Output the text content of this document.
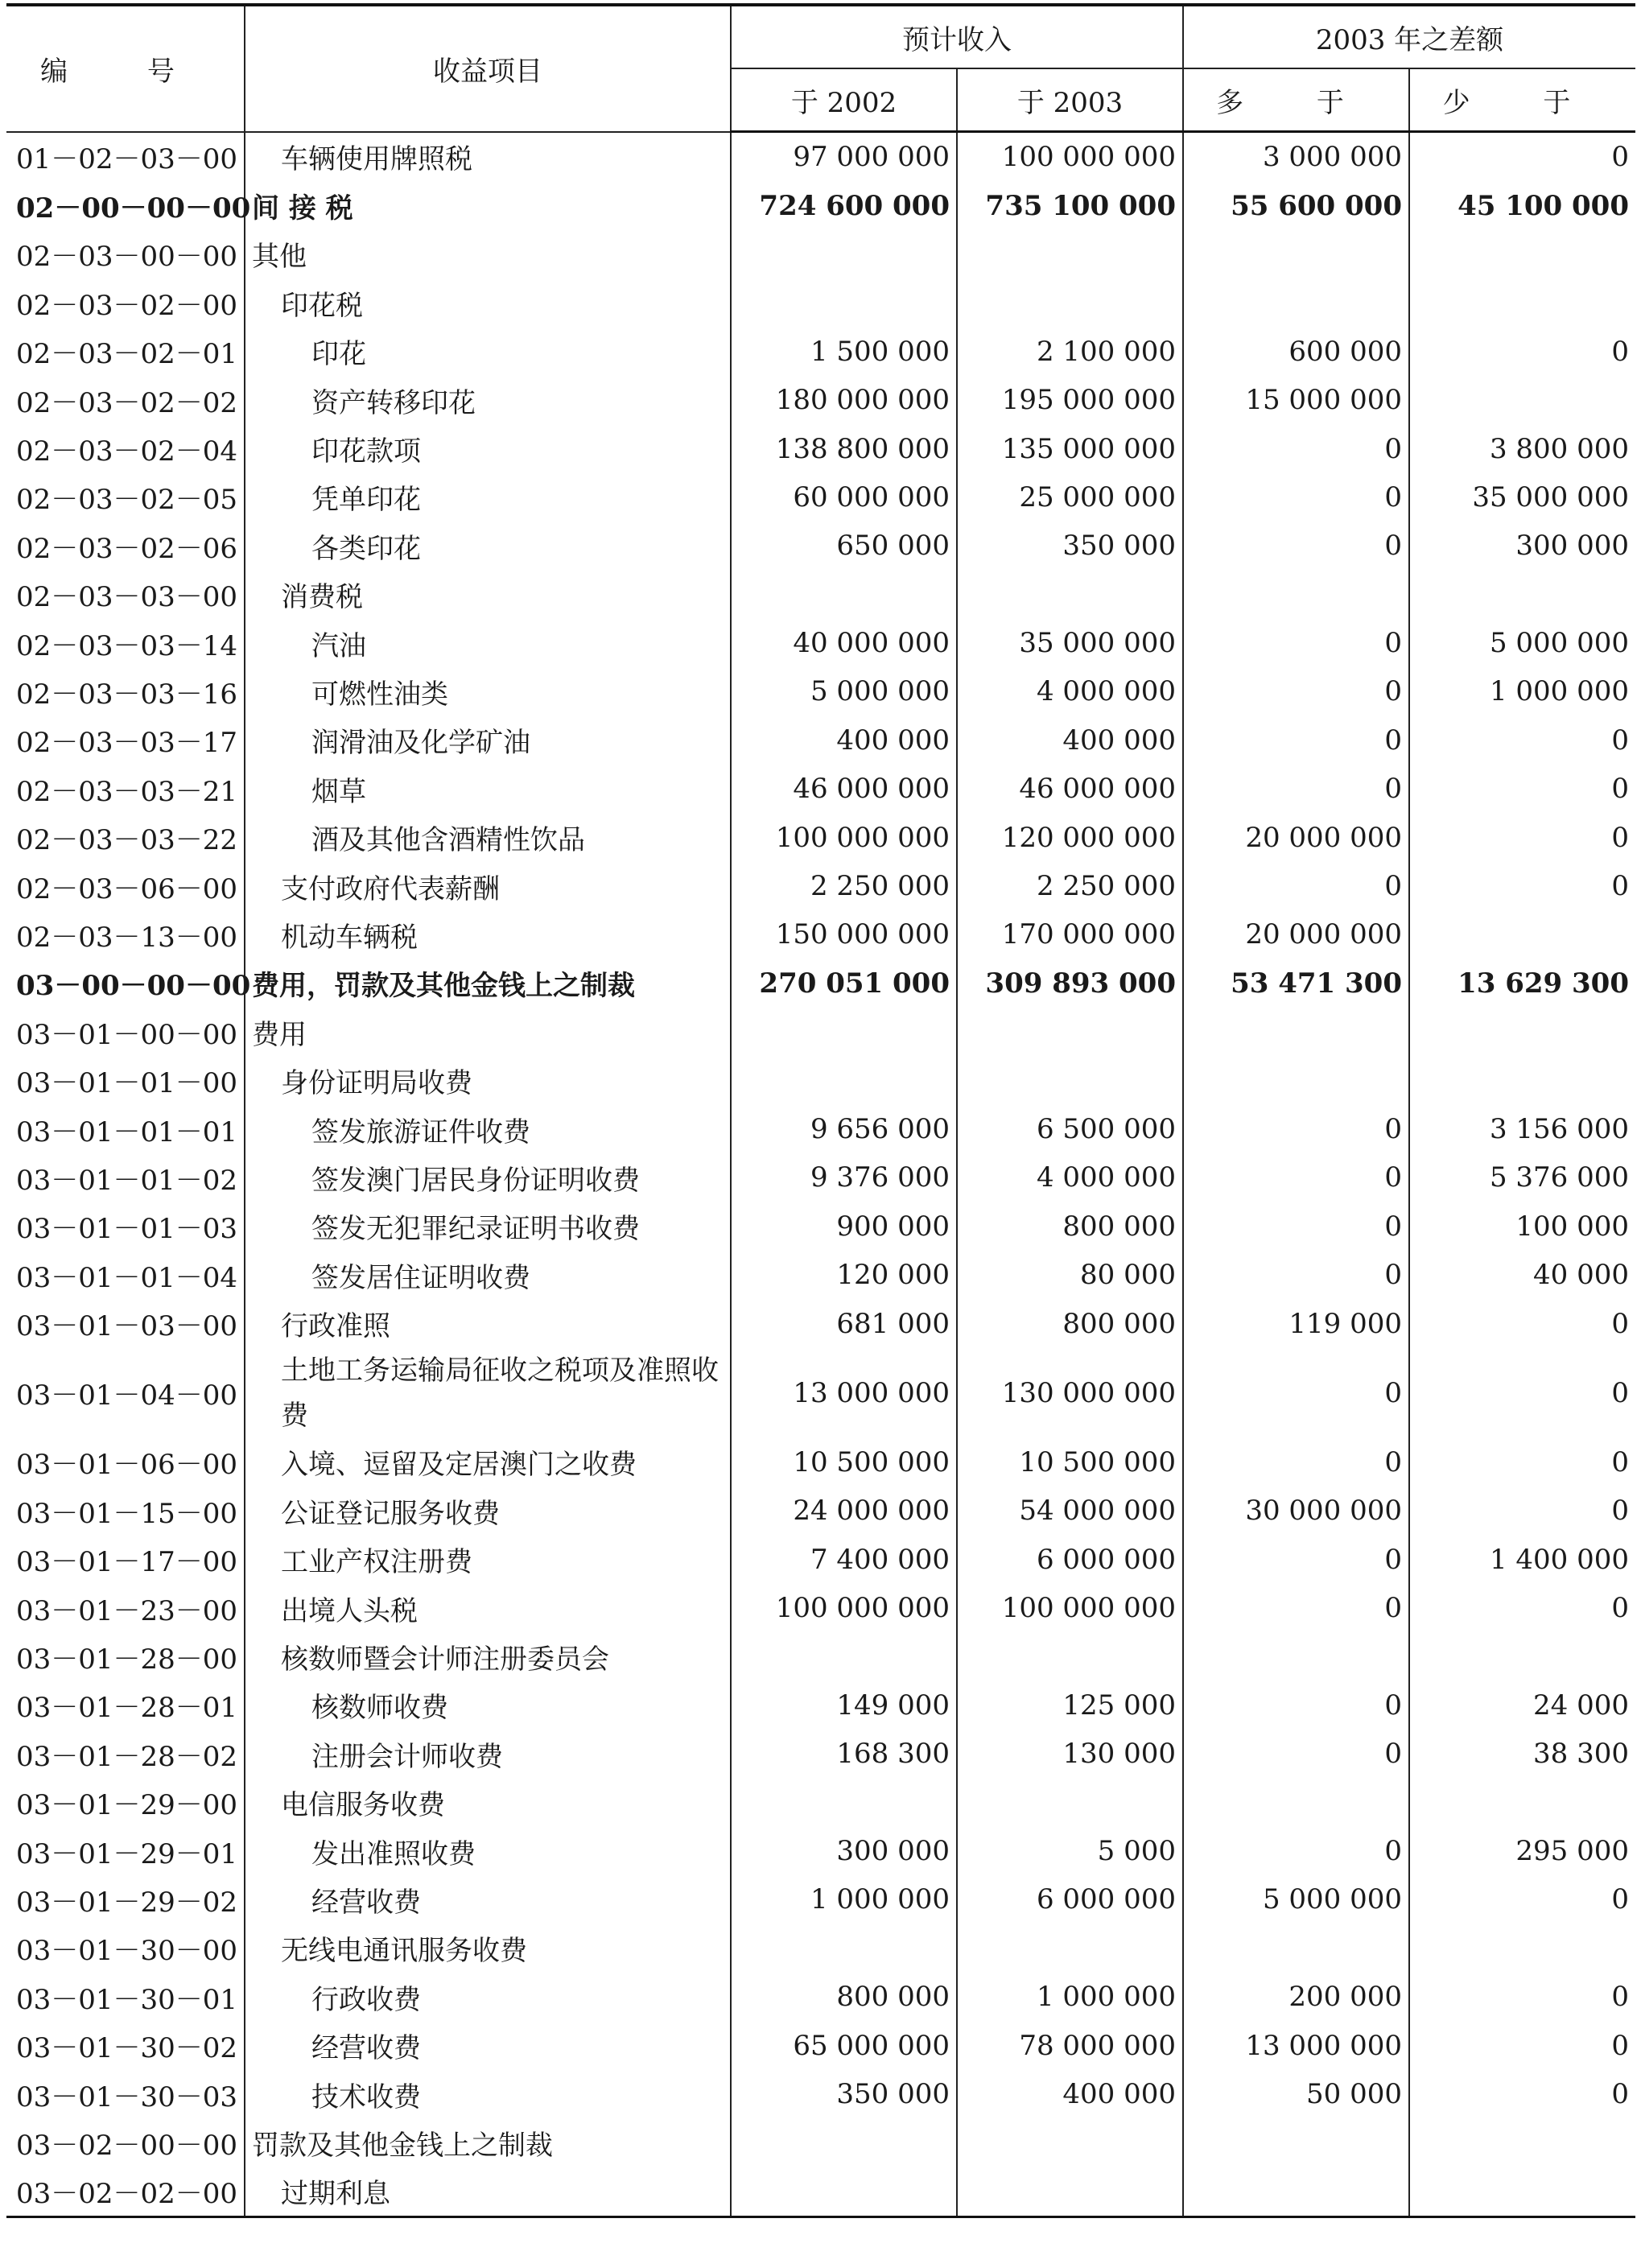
编 号	收益项目	预计收入		2003 年之差额	
		于 2002	于 2003	多 于	少 于
01－02－03－00	车辆使用牌照税	97 000 000	100 000 000	3 000 000	0
02－00－00－00	间 接 税	724 600 000	735 100 000	55 600 000	45 100 000
02－03－00－00	其他				
02－03－02－00	印花税				
02－03－02－01	印花	1 500 000	2 100 000	600 000	0
02－03－02－02	资产转移印花	180 000 000	195 000 000	15 000 000	
02－03－02－04	印花款项	138 800 000	135 000 000	0	3 800 000
02－03－02－05	凭单印花	60 000 000	25 000 000	0	35 000 000
02－03－02－06	各类印花	650 000	350 000	0	300 000
02－03－03－00	消费税				
02－03－03－14	汽油	40 000 000	35 000 000	0	5 000 000
02－03－03－16	可燃性油类	5 000 000	4 000 000	0	1 000 000
02－03－03－17	润滑油及化学矿油	400 000	400 000	0	0
02－03－03－21	烟草	46 000 000	46 000 000	0	0
02－03－03－22	酒及其他含酒精性饮品	100 000 000	120 000 000	20 000 000	0
02－03－06－00	支付政府代表薪酬	2 250 000	2 250 000	0	0
02－03－13－00	机动车辆税	150 000 000	170 000 000	20 000 000	
03－00－00－00	费用，罚款及其他金钱上之制裁	270 051 000	309 893 000	53 471 300	13 629 300
03－01－00－00	费用				
03－01－01－00	身份证明局收费				
03－01－01－01	签发旅游证件收费	9 656 000	6 500 000	0	3 156 000
03－01－01－02	签发澳门居民身份证明收费	9 376 000	4 000 000	0	5 376 000
03－01－01－03	签发无犯罪纪录证明书收费	900 000	800 000	0	100 000
03－01－01－04	签发居住证明收费	120 000	80 000	0	40 000
03－01－03－00	行政准照	681 000	800 000	119 000	0
03－01－04－00	土地工务运输局征收之税项及准照收费	13 000 000	130 000 000	0	0
03－01－06－00	入境、逗留及定居澳门之收费	10 500 000	10 500 000	0	0
03－01－15－00	公证登记服务收费	24 000 000	54 000 000	30 000 000	0
03－01－17－00	工业产权注册费	7 400 000	6 000 000	0	1 400 000
03－01－23－00	出境人头税	100 000 000	100 000 000	0	0
03－01－28－00	核数师暨会计师注册委员会				
03－01－28－01	核数师收费	149 000	125 000	0	24 000
03－01－28－02	注册会计师收费	168 300	130 000	0	38 300
03－01－29－00	电信服务收费				
03－01－29－01	发出准照收费	300 000	5 000	0	295 000
03－01－29－02	经营收费	1 000 000	6 000 000	5 000 000	0
03－01－30－00	无线电通讯服务收费				
03－01－30－01	行政收费	800 000	1 000 000	200 000	0
03－01－30－02	经营收费	65 000 000	78 000 000	13 000 000	0
03－01－30－03	技术收费	350 000	400 000	50 000	0
03－02－00－00	罚款及其他金钱上之制裁				
03－02－02－00	过期利息				
